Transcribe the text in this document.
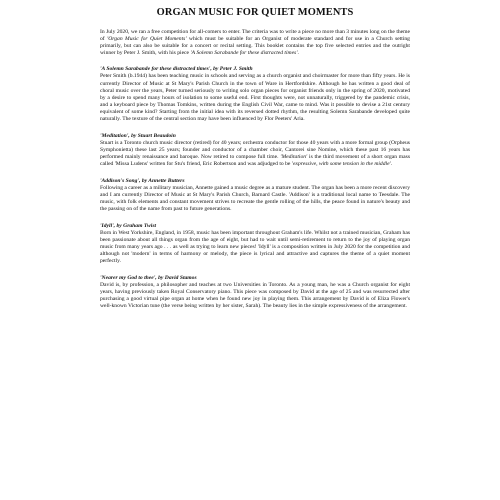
ORGAN MUSIC FOR QUIET MOMENTS

In July 2020, we ran a free competition for all-comers to enter. The criteria was to write a piece no more than 3 minutes long on the theme of 'Organ Music for Quiet Moments' which must be suitable for an Organist of moderate standard and for use in a Church setting primarily, but can also be suitable for a concert or recital setting. This booklet contains the top five selected entries and the outright winner by Peter J. Smith, with his piece 'A Solemn Sarabande for these distracted times'.

'A Solemn Sarabande for these distracted times', by Peter J. Smith

Peter Smith (b.1944) has been teaching music in schools and serving as a church organist and choirmaster for more than fifty years. He is currently Director of Music at St Mary's Parish Church in the town of Ware in Hertfordshire. Although he has written a good deal of choral music over the years, Peter turned seriously to writing solo organ pieces for organist friends only in the spring of 2020, motivated by a desire to spend many hours of isolation to some useful end. First thoughts were, not unnaturally, triggered by the pandemic crisis, and a keyboard piece by Thomas Tomkins, written during the English Civil War, came to mind. Was it possible to devise a 21st century equivalent of some kind? Starting from the initial idea with its reversed dotted rhythm, the resulting Solemn Sarabande developed quite naturally. The texture of the central section may have been influenced by Flor Peeters' Aria.

'Meditation', by Stuart Beaudoin

Stuart is a Toronto church music director (retired) for 40 years; orchestra conductor for those 40 years with a more formal group (Orpheus Symphonietta) these last 25 years; founder and conductor of a chamber choir, Cantorei sine Nomine, which these past 16 years has performed mainly renaissance and baroque. Now retired to compose full time. 'Meditation' is the third movement of a short organ mass called 'Missa Ludens' written for Stu's friend, Eric Robertson and was adjudged to be 'expressive, with some tension in the middle'.

'Addison's Song', by Annette Butters

Following a career as a military musician, Annette gained a music degree as a mature student. The organ has been a more recent discovery and I am currently Director of Music at St Mary's Parish Church, Barnard Castle. 'Addison' is a traditional local name to Teesdale. The music, with folk elements and constant movement strives to recreate the gentle rolling of the hills, the peace found in nature's beauty and the passing on of the name from past to future generations.

'Idyll', by Graham Twist

Born in West Yorkshire, England, in 1958, music has been important throughout Graham's life. Whilst not a trained musician, Graham has been passionate about all things organ from the age of eight, but had to wait until semi-retirement to return to the joy of playing organ music from many years ago . . . as well as trying to learn new pieces! 'Idyll' is a composition written in July 2020 for the competition and although not 'modern' in terms of harmony or melody, the piece is lyrical and attractive and captures the theme of a quiet moment perfectly.

'Nearer my God to thee', by David Stamos

David is, by profession, a philosopher and teaches at two Universities in Toronto. As a young man, he was a Church organist for eight years, having previously taken Royal Conservatory piano. This piece was composed by David at the age of 25 and was resurrected after purchasing a good virtual pipe organ at home when he found new joy in playing them. This arrangement by David is of Eliza Flower's well-known Victorian tune (the verse being written by her sister, Sarah). The beauty lies in the simple expressiveness of the arrangement.
